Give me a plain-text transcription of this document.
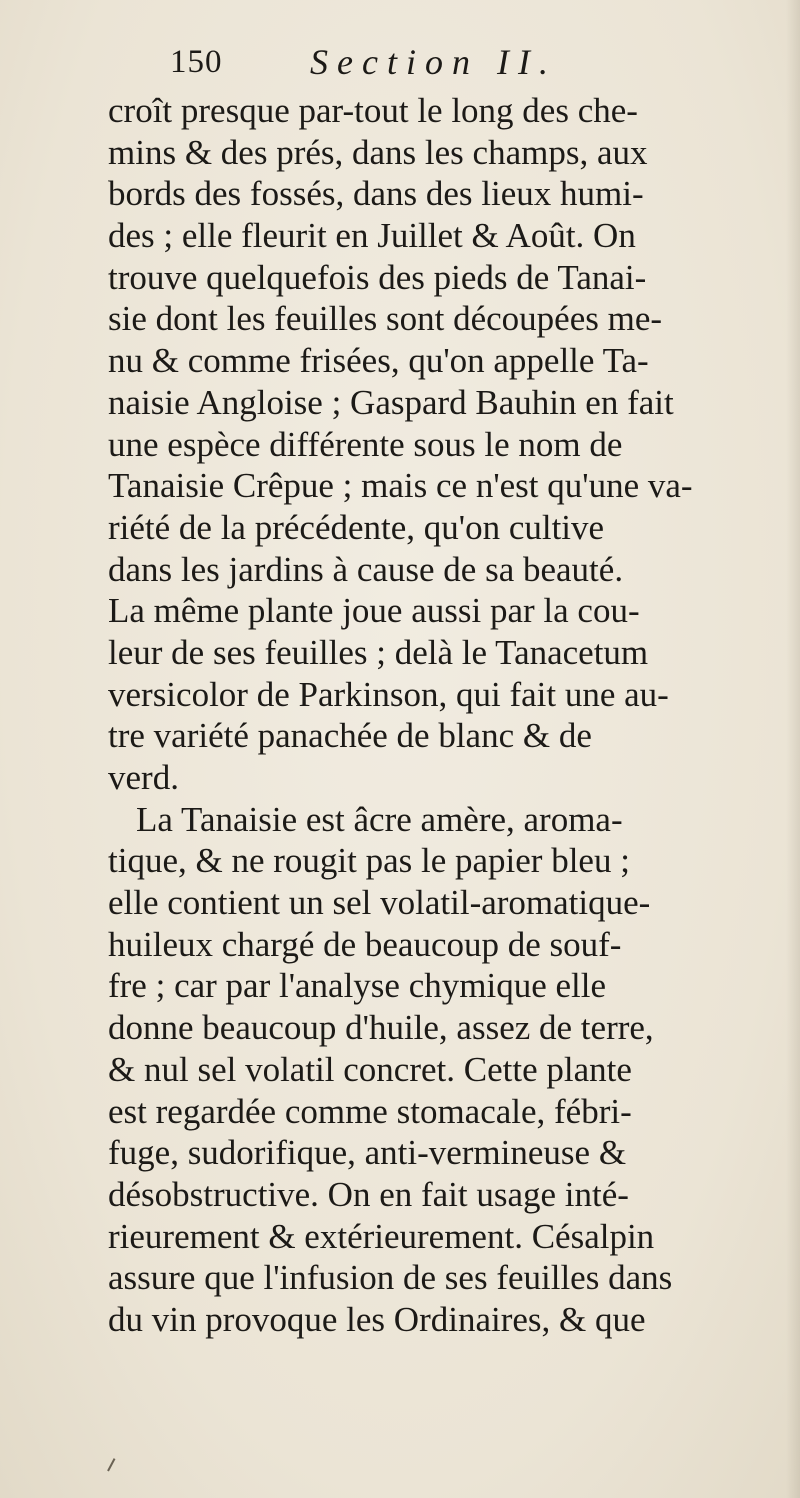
150 Section II.
croît presque par-tout le long des che-
mins & des prés, dans les champs, aux
bords des fossés, dans des lieux humi-
des ; elle fleurit en Juillet & Août. On
trouve quelquefois des pieds de Tanai-
sie dont les feuilles sont découpées me-
nu & comme frisées, qu'on appelle Ta-
naisie Angloise ; Gaspard Bauhin en fait
une espèce différente sous le nom de
Tanaisie Crêpue ; mais ce n'est qu'une va-
riété de la précédente, qu'on cultive
dans les jardins à cause de sa beauté.
La même plante joue aussi par la cou-
leur de ses feuilles ; delà le Tanacetum
versicolor de Parkinson, qui fait une au-
tre variété panachée de blanc & de
verd.
La Tanaisie est âcre amère, aroma-
tique, & ne rougit pas le papier bleu ;
elle contient un sel volatil-aromatique-
huileux chargé de beaucoup de souf-
fre ; car par l'analyse chymique elle
donne beaucoup d'huile, assez de terre,
& nul sel volatil concret. Cette plante
est regardée comme stomacale, fébri-
fuge, sudorifique, anti-vermineuse &
désobstructive. On en fait usage inté-
rieurement & extérieurement. Césalpin
assure que l'infusion de ses feuilles dans
du vin provoque les Ordinaires, & que
